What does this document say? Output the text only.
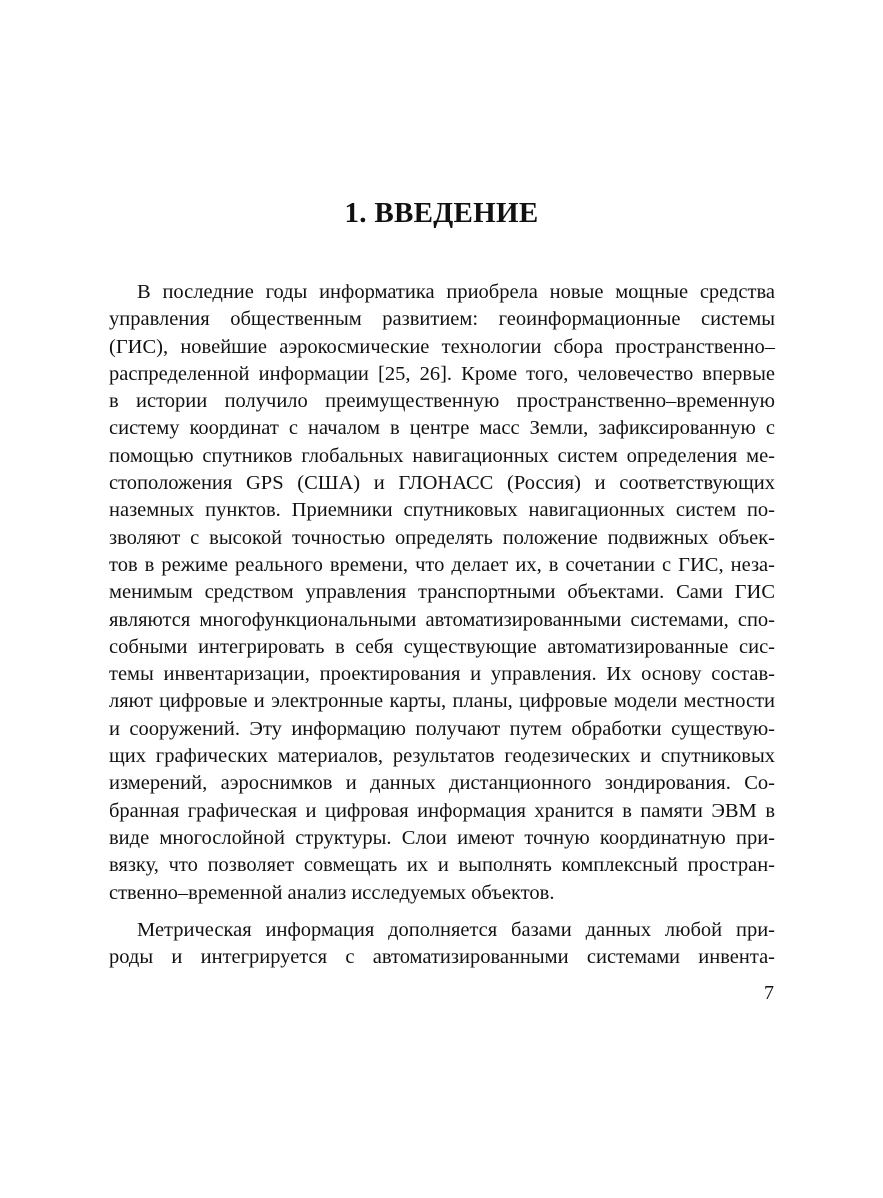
1. ВВЕДЕНИЕ

В последние годы информатика приобрела новые мощные средства
управления общественным развитием: геоинформационные системы
(ГИС), новейшие аэрокосмические технологии сбора пространственно–
распределенной информации [25, 26]. Кроме того, человечество впервые
в истории получило преимущественную пространственно–временную
систему координат с началом в центре масс Земли, зафиксированную с
помощью спутников глобальных навигационных систем определения ме-
стоположения GPS (США) и ГЛОНАСС (Россия) и соответствующих
наземных пунктов. Приемники спутниковых навигационных систем по-
зволяют с высокой точностью определять положение подвижных объек-
тов в режиме реального времени, что делает их, в сочетании с ГИС, неза-
менимым средством управления транспортными объектами. Сами ГИС
являются многофункциональными автоматизированными системами, спо-
собными интегрировать в себя существующие автоматизированные сис-
темы инвентаризации, проектирования и управления. Их основу состав-
ляют цифровые и электронные карты, планы, цифровые модели местности
и сооружений. Эту информацию получают путем обработки существую-
щих графических материалов, результатов геодезических и спутниковых
измерений, аэроснимков и данных дистанционного зондирования. Со-
бранная графическая и цифровая информация хранится в памяти ЭВМ в
виде многослойной структуры. Слои имеют точную координатную при-
вязку, что позволяет совмещать их и выполнять комплексный простран-
ственно–временной анализ исследуемых объектов.

Метрическая информация дополняется базами данных любой при-
роды и интегрируется с автоматизированными системами инвента-

7
